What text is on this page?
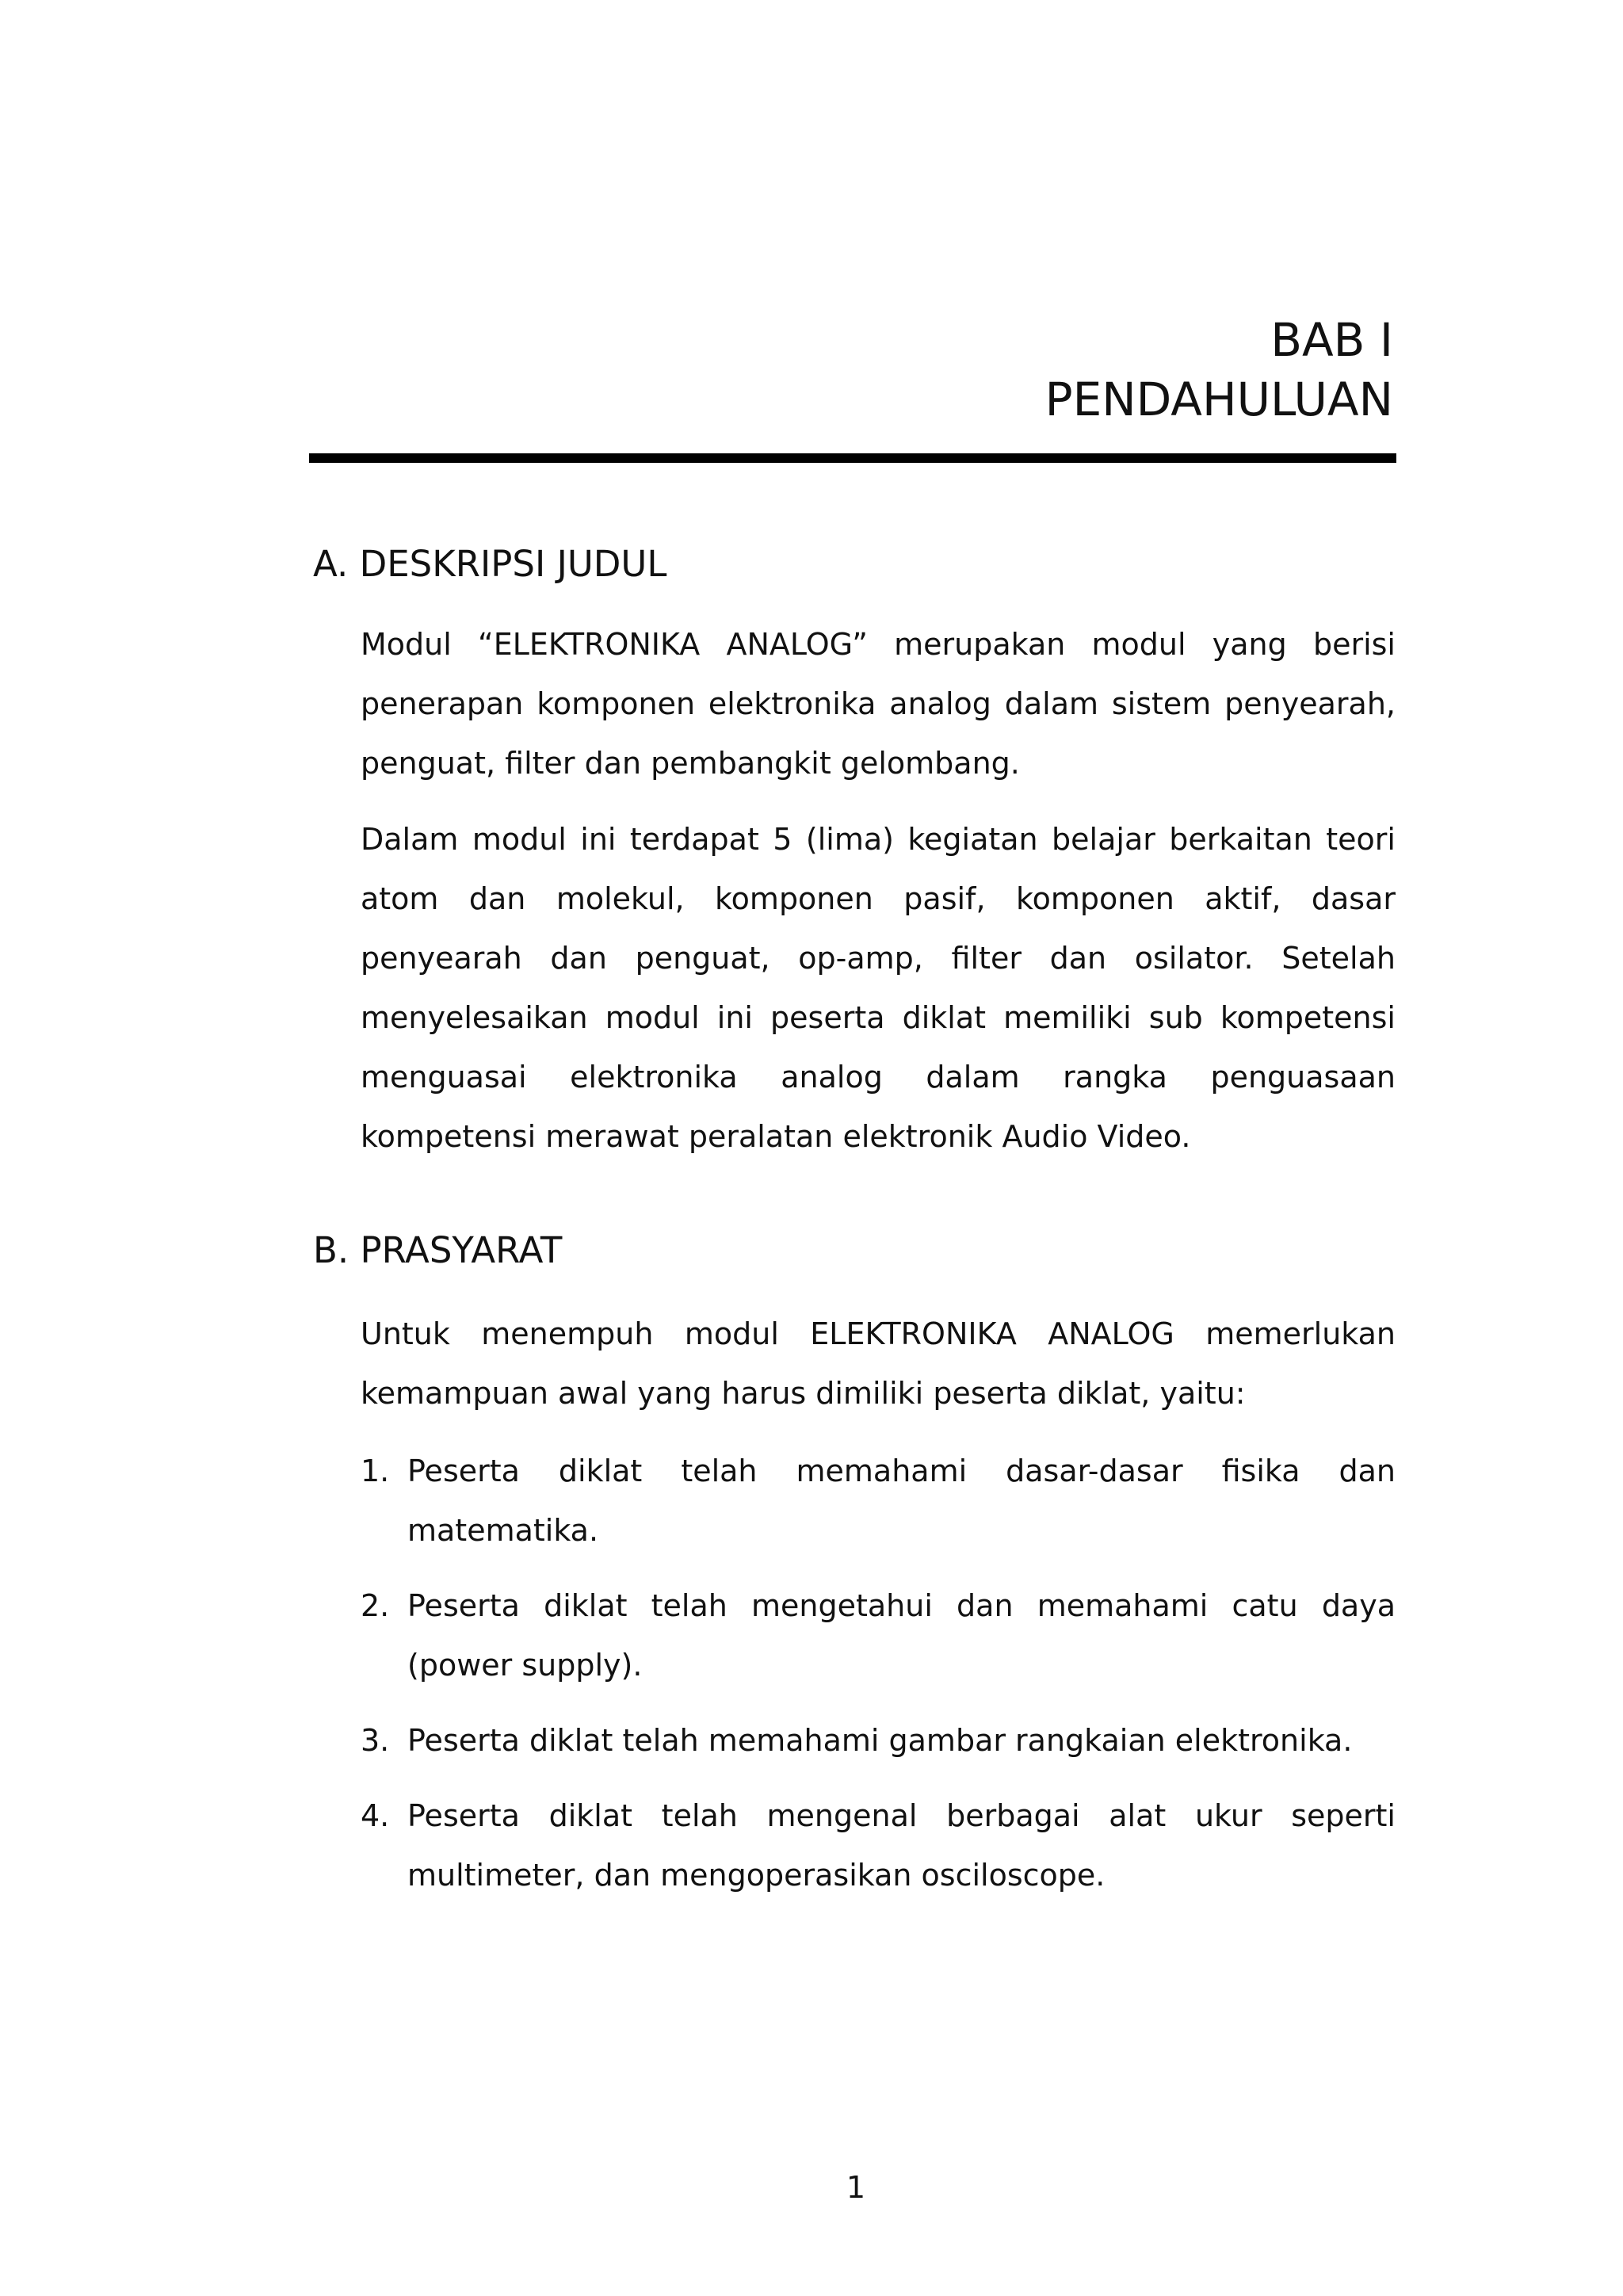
BAB I
PENDAHULUAN
A. DESKRIPSI JUDUL
Modul “ELEKTRONIKA ANALOG” merupakan modul yang berisi penerapan komponen elektronika analog dalam sistem penyearah, penguat, filter dan pembangkit gelombang.
Dalam modul ini terdapat 5 (lima) kegiatan belajar berkaitan teori atom dan molekul, komponen pasif, komponen aktif, dasar penyearah dan penguat, op-amp, filter dan osilator. Setelah menyelesaikan modul ini peserta diklat memiliki sub kompetensi menguasai elektronika analog dalam rangka penguasaan kompetensi merawat peralatan elektronik Audio Video.
B. PRASYARAT
Untuk menempuh modul ELEKTRONIKA ANALOG memerlukan kemampuan awal yang harus dimiliki peserta diklat, yaitu:
1. Peserta diklat telah memahami dasar-dasar fisika dan matematika.
2. Peserta diklat telah mengetahui dan memahami catu daya (power supply).
3. Peserta diklat telah memahami gambar rangkaian elektronika.
4. Peserta diklat telah mengenal berbagai alat ukur seperti multimeter, dan mengoperasikan osciloscope.
1
